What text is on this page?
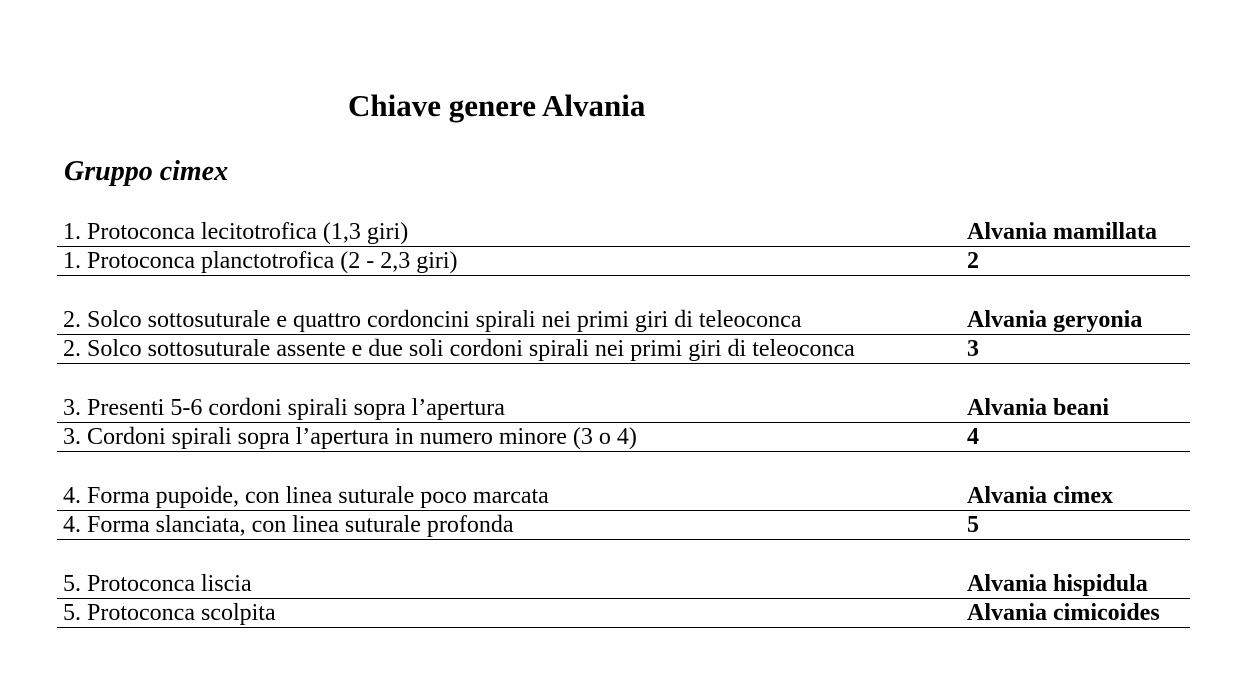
Chiave genere Alvania
Gruppo cimex
1. Protoconca lecitotrofica (1,3 giri)	Alvania mamillata
1. Protoconca planctotrofica (2 - 2,3 giri)	2
2. Solco sottosuturale e quattro cordoncini spirali nei primi giri di teleoconca	Alvania geryonia
2. Solco sottosuturale assente e due soli cordoni spirali nei primi giri di teleoconca	3
3. Presenti 5-6 cordoni spirali sopra l’apertura	Alvania beani
3. Cordoni spirali sopra l’apertura in numero minore (3 o 4)	4
4. Forma pupoide, con linea suturale poco marcata	Alvania cimex
4. Forma slanciata, con linea suturale profonda	5
5. Protoconca liscia	Alvania hispidula
5. Protoconca scolpita	Alvania cimicoides
